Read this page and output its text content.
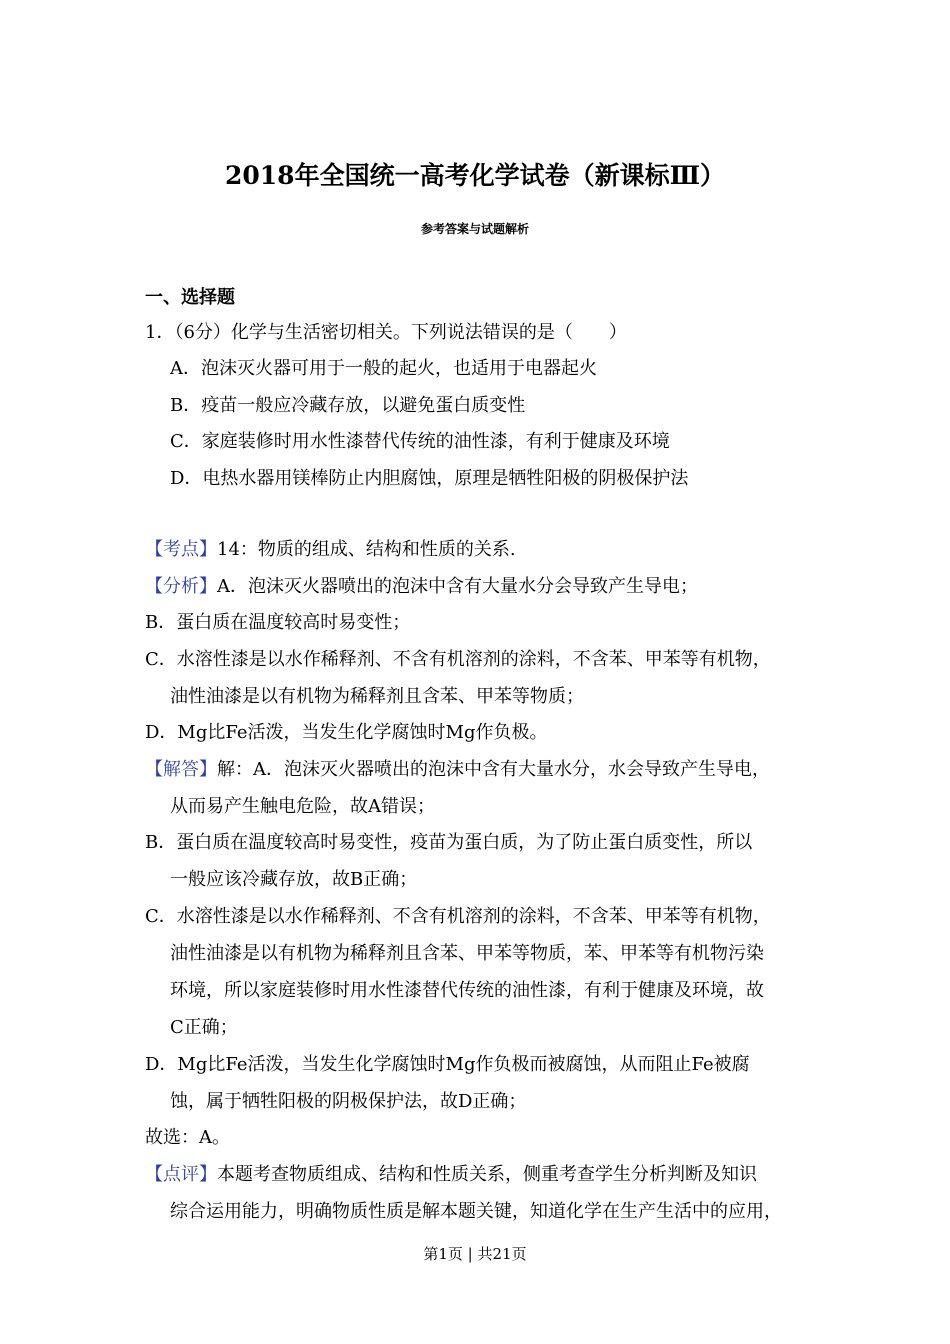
2018年全国统一高考化学试卷（新课标Ⅲ）
参考答案与试题解析
一、选择题
1．（6分）化学与生活密切相关。下列说法错误的是（　　）
A．泡沫灭火器可用于一般的起火，也适用于电器起火
B．疫苗一般应冷藏存放，以避免蛋白质变性
C．家庭装修时用水性漆替代传统的油性漆，有利于健康及环境
D．电热水器用镁棒防止内胆腐蚀，原理是牺牲阳极的阴极保护法
【考点】14：物质的组成、结构和性质的关系.
【分析】A．泡沫灭火器喷出的泡沫中含有大量水分会导致产生导电；
B．蛋白质在温度较高时易变性；
C．水溶性漆是以水作稀释剂、不含有机溶剂的涂料，不含苯、甲苯等有机物，
油性油漆是以有机物为稀释剂且含苯、甲苯等物质；
D．Mg比Fe活泼，当发生化学腐蚀时Mg作负极。
【解答】解：A．泡沫灭火器喷出的泡沫中含有大量水分，水会导致产生导电，
从而易产生触电危险，故A错误；
B．蛋白质在温度较高时易变性，疫苗为蛋白质，为了防止蛋白质变性，所以
一般应该冷藏存放，故B正确；
C．水溶性漆是以水作稀释剂、不含有机溶剂的涂料，不含苯、甲苯等有机物，
油性油漆是以有机物为稀释剂且含苯、甲苯等物质，苯、甲苯等有机物污染
环境，所以家庭装修时用水性漆替代传统的油性漆，有利于健康及环境，故
C正确；
D．Mg比Fe活泼，当发生化学腐蚀时Mg作负极而被腐蚀，从而阻止Fe被腐
蚀，属于牺牲阳极的阴极保护法，故D正确；
故选：A。
【点评】本题考查物质组成、结构和性质关系，侧重考查学生分析判断及知识
综合运用能力，明确物质性质是解本题关键，知道化学在生产生活中的应用，
第1页 | 共21页
